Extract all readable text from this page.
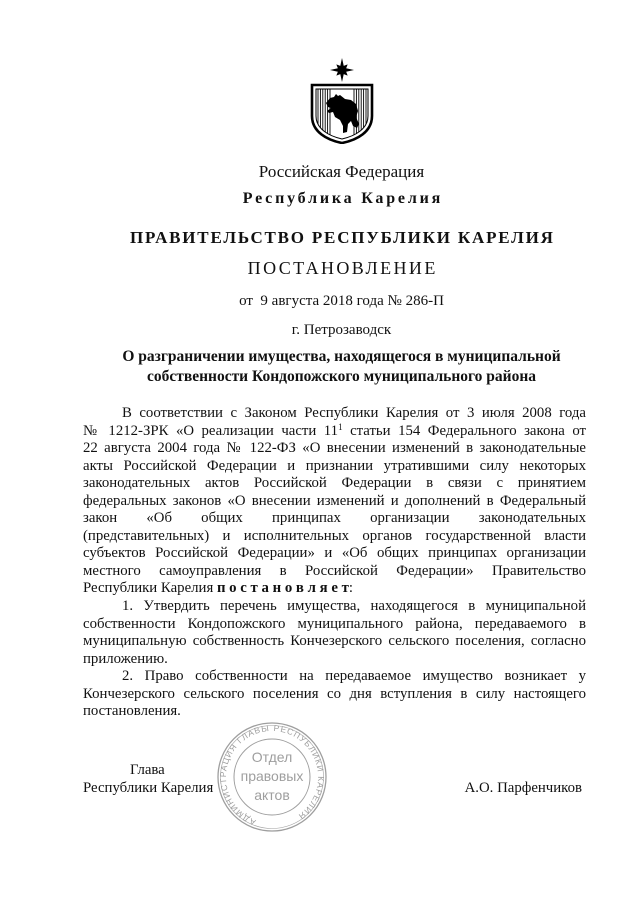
Российская Федерация
Республика Карелия
ПРАВИТЕЛЬСТВО РЕСПУБЛИКИ КАРЕЛИЯ
ПОСТАНОВЛЕНИЕ
от  9 августа 2018 года № 286-П
г. Петрозаводск
О разграничении имущества, находящегося в муниципальной
собственности Кондопожского муниципального района
В соответствии с Законом Республики Карелия от 3 июля 2008 года
№ 1212-ЗРК «О реализации части $11^1$ статьи 154 Федерального закона от
22 августа 2004 года № 122-ФЗ «О внесении изменений в законодательные
акты Российской Федерации и признании утратившими силу некоторых
законодательных актов Российской Федерации в связи с принятием
федеральных законов «О внесении изменений и дополнений в Федеральный
закон «Об общих принципах организации законодательных
(представительных) и исполнительных органов государственной власти
субъектов Российской Федерации» и «Об общих принципах организации
местного самоуправления в Российской Федерации» Правительство
Республики Карелия п о с т а н о в л я е т:
1. Утвердить перечень имущества, находящегося в муниципальной
собственности Кондопожского муниципального района, передаваемого в
муниципальную собственность Кончезерского сельского поселения, согласно
приложению.
2. Право собственности на передаваемое имущество возникает у
Кончезерского сельского поселения со дня вступления в силу настоящего
постановления.
АДМИНИСТРАЦИЯ ГЛАВЫ РЕСПУБЛИКИ КАРЕЛИЯ
Отдел
правовых
актов
Глава
Республики Карелия	А.О. Парфенчиков
